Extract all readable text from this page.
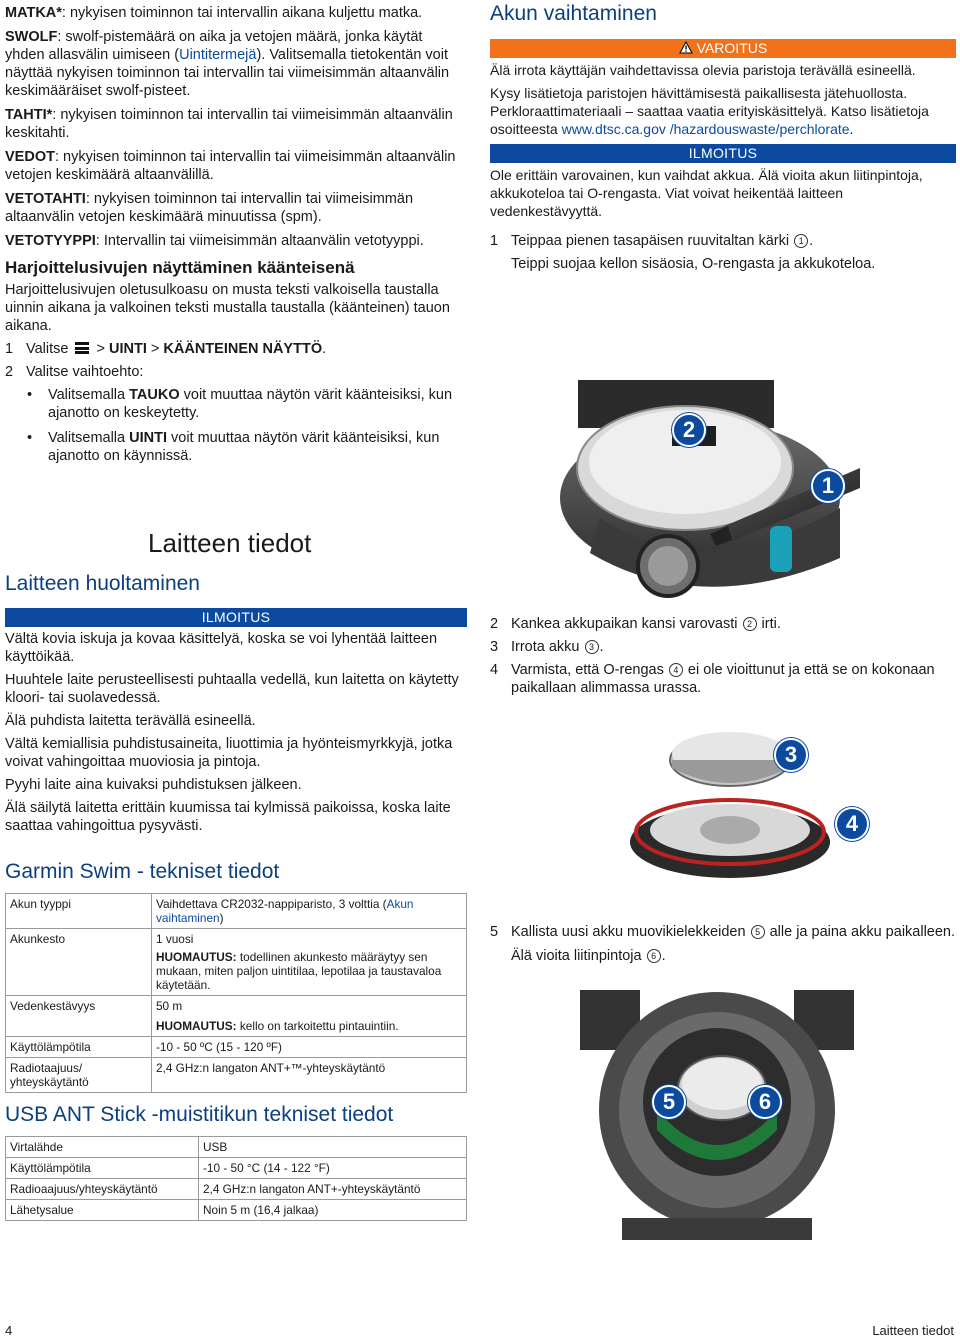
MATKA*: nykyisen toiminnon tai intervallin aikana kuljettu matka.

SWOLF: swolf-pistemäärä on aika ja vetojen määrä, jonka käytät yhden allasvälin uimiseen (Uintitermejä). Valitsemalla tietokentän voit näyttää nykyisen toiminnon tai intervallin tai viimeisimmän altaanvälin keskimääräiset swolf-pisteet.

TAHTI*: nykyisen toiminnon tai intervallin tai viimeisimmän altaanvälin keskitahti.

VEDOT: nykyisen toiminnon tai intervallin tai viimeisimmän altaanvälin vetojen keskimäärä altaanvälillä.

VETOTAHTI: nykyisen toiminnon tai intervallin tai viimeisimmän altaanvälin vetojen keskimäärä minuutissa (spm).

VETOTYYPPI: Intervallin tai viimeisimmän altaanvälin vetotyyppi.

Harjoittelusivujen näyttäminen käänteisenä

Harjoittelusivujen oletusulkoasu on musta teksti valkoisella taustalla uinnin aikana ja valkoinen teksti mustalla taustalla (käänteinen) tauon aikana.

1 Valitse
> UINTI > KÄÄNTEINEN NÄYTTÖ.
2 Valitse vaihtoehto:
• Valitsemalla TAUKO voit muuttaa näytön värit käänteisiksi, kun ajanotto on keskeytetty.
• Valitsemalla UINTI voit muuttaa näytön värit käänteisiksi, kun ajanotto on käynnissä.
Laitteen tiedot
Laitteen huoltaminen
ILMOITUS

Vältä kovia iskuja ja kovaa käsittelyä, koska se voi lyhentää laitteen käyttöikää.

Huuhtele laite perusteellisesti puhtaalla vedellä, kun laitetta on käytetty kloori- tai suolavedessä.

Älä puhdista laitetta terävällä esineellä.

Vältä kemiallisia puhdistusaineita, liuottimia ja hyönteismyrkkyjä, jotka voivat vahingoittaa muoviosia ja pintoja.

Pyyhi laite aina kuivaksi puhdistuksen jälkeen.

Älä säilytä laitetta erittäin kuumissa tai kylmissä paikoissa, koska laite saattaa vahingoittua pysyvästi.

Garmin Swim - tekniset tiedot
Akun tyyppi	Vaihdettava CR2032-nappiparisto, 3 volttia (Akun vaihtaminen)
Akunkesto	1 vuosi
HUOMAUTUS: todellinen akunkesto määräytyy sen mukaan, miten paljon uintitilaa, lepotilaa ja taustavaloa käytetään.

Vedenkestävyys	50 m
HUOMAUTUS: kello on tarkoitettu pintauintiin.

Käyttölämpötila	-10 - 50 ºC (15 - 120 ºF)
Radiotaajuus/ yhteyskäytäntö	2,4 GHz:n langaton ANT+™-yhteyskäytäntö
USB ANT Stick -muistitikun tekniset tiedot
Virtalähde	USB
Käyttölämpötila	-10 - 50 °C (14 - 122 °F)
Radioaajuus/yhteyskäytäntö	2,4 GHz:n langaton ANT+-yhteyskäytäntö
Lähetysalue	Noin 5 m (16,4 jalkaa)
Akun vaihtaminen
VAROITUS

Älä irrota käyttäjän vaihdettavissa olevia paristoja terävällä esineellä.

Kysy lisätietoja paristojen hävittämisestä paikallisesta jätehuollosta. Perkloraattimateriaali – saattaa vaatia erityiskäsittelyä. Katso lisätietoja osoitteesta www.dtsc.ca.gov /hazardouswaste/perchlorate.

ILMOITUS

Ole erittäin varovainen, kun vaihdat akkua. Älä vioita akun liitinpintoja, akkukoteloa tai O-rengasta. Viat voivat heikentää laitteen vedenkestävyyttä.

1 Teippaa pienen tasapäisen ruuvitaltan kärki 1 .
Teippi suojaa kellon sisäosia, O-rengasta ja akkukoteloa.
2
1
2 Kankea akkupaikan kansi varovasti 2 irti.
3 Irrota akku 3 .
4 Varmista, että O-rengas 4 ei ole vioittunut ja että se on kokonaan paikallaan alimmassa urassa.
3
4
5 Kallista uusi akku muovikielekkeiden 5 alle ja paina akku paikalleen.
Älä vioita liitinpintoja 6 .
5	6
4	Laitteen tiedot
